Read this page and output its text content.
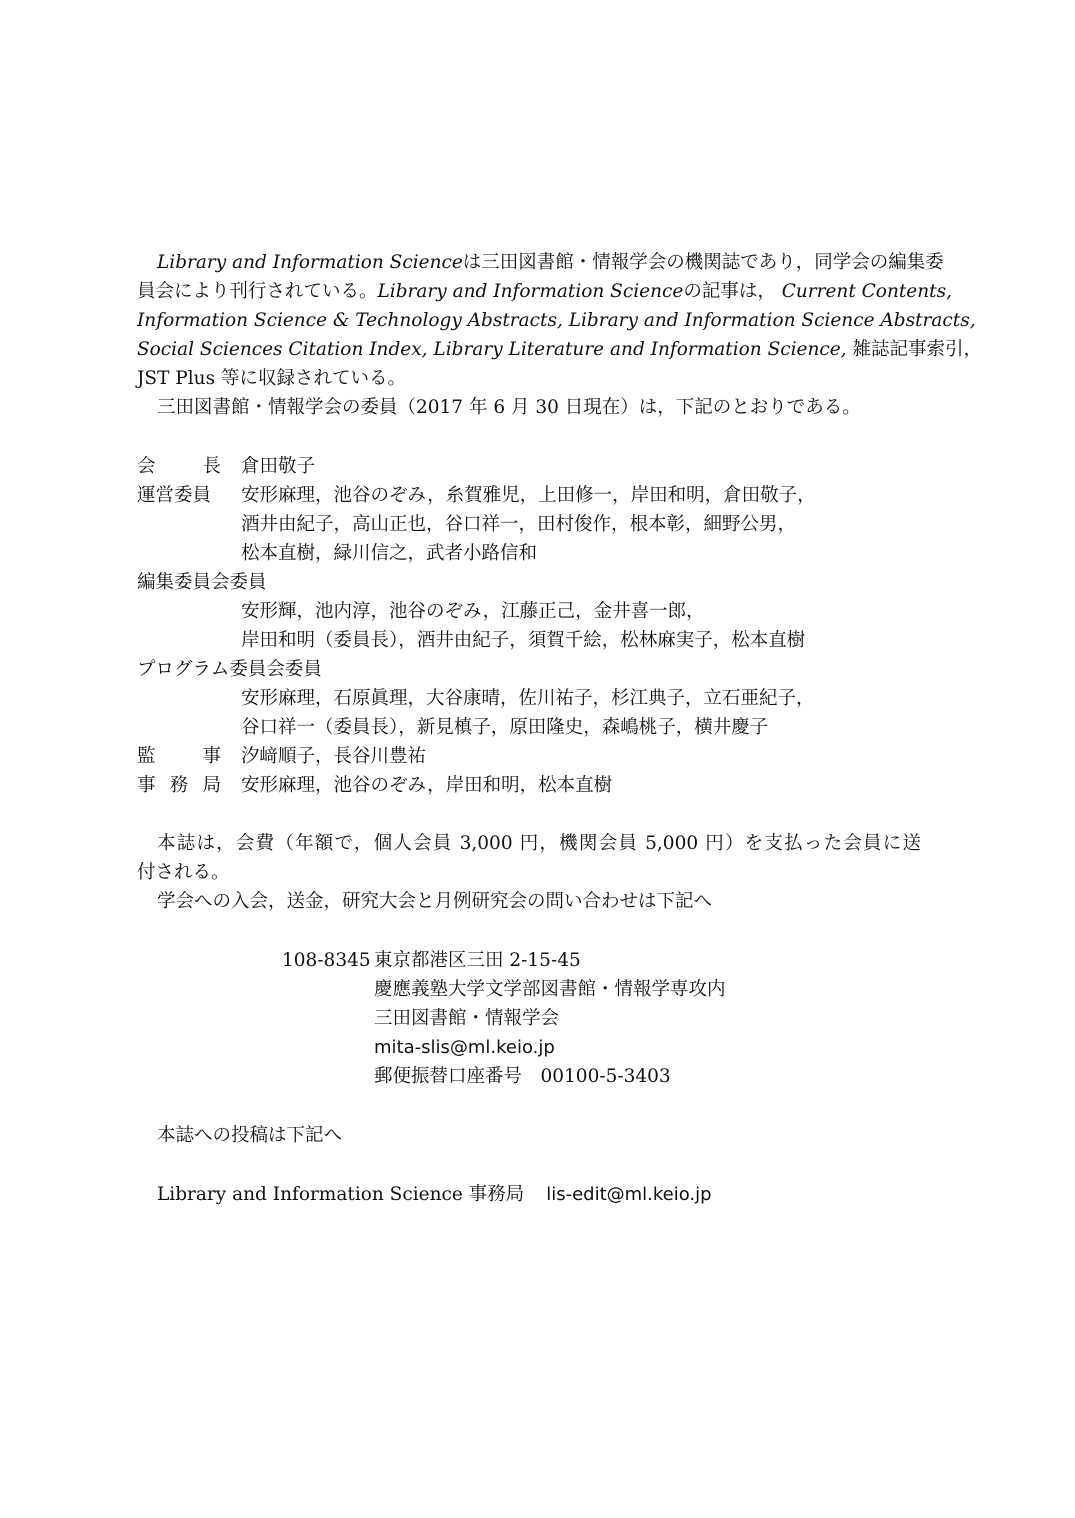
Library and Information Scienceは三田図書館・情報学会の機関誌であり，同学会の編集委
員会により刊行されている。Library and Information Scienceの記事は， Current Contents,
Information Science & Technology Abstracts, Library and Information Science Abstracts,
Social Sciences Citation Index, Library Literature and Information Science, 雑誌記事索引，
JST Plus 等に収録されている。
三田図書館・情報学会の委員（2017 年 6 月 30 日現在）は，下記のとおりである。
会長 倉田敬子
運営委員 安形麻理，池谷のぞみ，糸賀雅児，上田修一，岸田和明，倉田敬子，
酒井由紀子，高山正也，谷口祥一，田村俊作，根本彰，細野公男，
松本直樹，緑川信之，武者小路信和
編集委員会委員
安形輝，池内淳，池谷のぞみ，江藤正己，金井喜一郎，
岸田和明（委員長），酒井由紀子，須賀千絵，松林麻実子，松本直樹
プログラム委員会委員
安形麻理，石原眞理，大谷康晴，佐川祐子，杉江典子，立石亜紀子，
谷口祥一（委員長），新見槙子，原田隆史，森嶋桃子，横井慶子
監事 汐﨑順子，長谷川豊祐
事務局 安形麻理，池谷のぞみ，岸田和明，松本直樹
本誌は，会費（年額で，個人会員 3,000 円，機関会員 5,000 円）を支払った会員に送
付される。
学会への入会，送金，研究大会と月例研究会の問い合わせは下記へ
108-8345 東京都港区三田 2-15-45
慶應義塾大学文学部図書館・情報学専攻内
三田図書館・情報学会
mita-slis@ml.keio.jp
郵便振替口座番号　00100-5-3403
本誌への投稿は下記へ
Library and Information Science 事務局 lis-edit@ml.keio.jp
